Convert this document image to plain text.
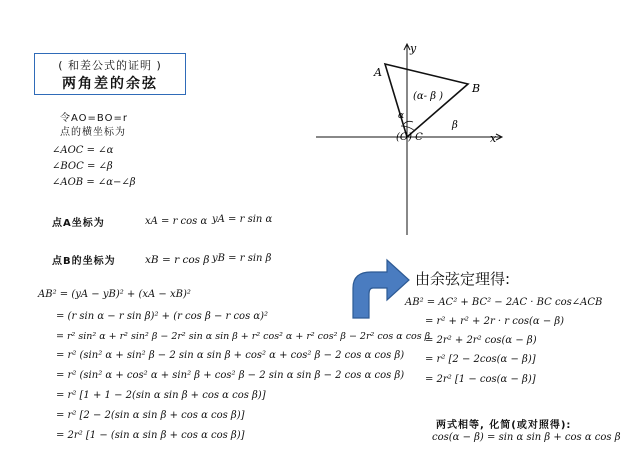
( 和差公式的证明 )
两角差的余弦
令AO=BO=r
点的横坐标为
∠AOC = ∠α
∠BOC = ∠β
∠AOB = ∠α−∠β
点A坐标为	xA = r cos α yA = r sin α
点B的坐标为	xB = r cos β yB = r sin β
AB² = (yA − yB)² + (xA − xB)²
= (r sin α − r sin β)² + (r cos β − r cos α)²
= r² sin² α + r² sin² β − 2r² sin α sin β + r² cos² α + r² cos² β − 2r² cos α cos β
= r² (sin² α + sin² β − 2 sin α sin β + cos² α + cos² β − 2 cos α cos β)
= r² (sin² α + cos² α + sin² β + cos² β − 2 sin α sin β − 2 cos α cos β)
= r² [1 + 1 − 2(sin α sin β + cos α cos β)]
= r² [2 − 2(sin α sin β + cos α cos β)]
= 2r² [1 − (sin α sin β + cos α cos β)]
由余弦定理得:
AB² = AC² + BC² − 2AC · BC cos∠ACB
= r² + r² + 2r · r cos(α − β)
= 2r² + 2r² cos(α − β)
= r² [2 − 2cos(α − β)]
= 2r² [1 − cos(α − β)]
两式相等, 化简(或对照得):
cos(α − β) = sin α sin β + cos α cos β
A
B
(α- β )
α
β
(O) C	x
y
